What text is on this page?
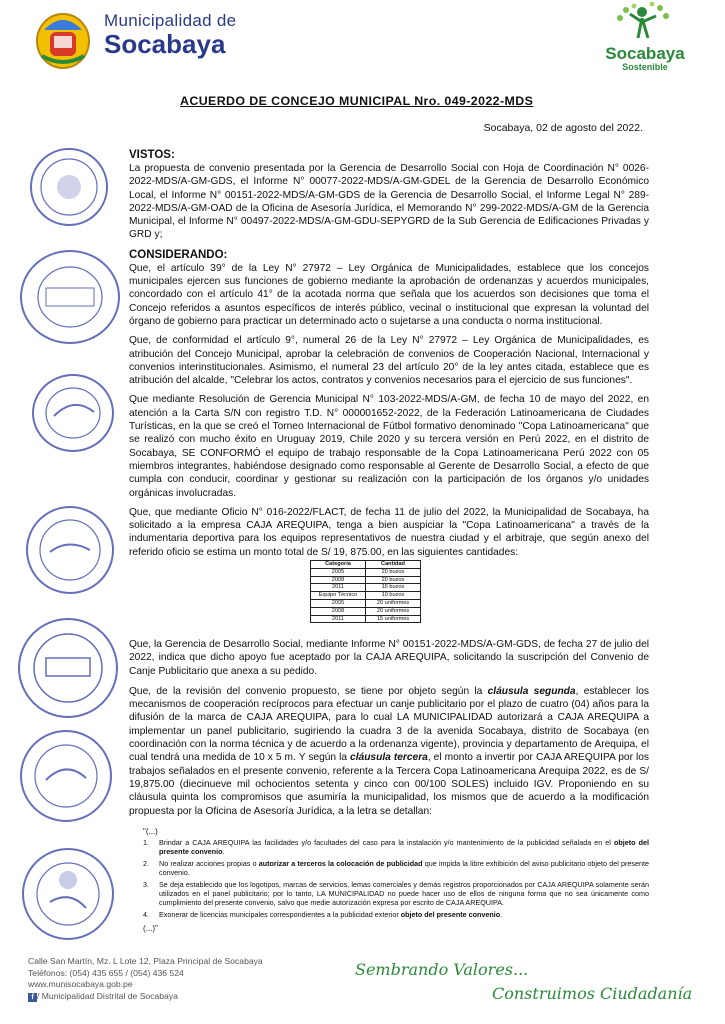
Municipalidad de
Socabaya	Socabaya
Sostenible
ACUERDO DE CONCEJO MUNICIPAL Nro. 049-2022-MDS
Socabaya, 02 de agosto del 2022.

VISTOS:

La propuesta de convenio presentada por la Gerencia de Desarrollo Social con Hoja de Coordinación N° 0026-2022-MDS/A-GM-GDS, el Informe N° 00077-2022-MDS/A-GM-GDEL de la Gerencia de Desarrollo Económico Local, el Informe N° 00151-2022-MDS/A-GM-GDS de la Gerencia de Desarrollo Social, el Informe Legal N° 289-2022-MDS/A-GM-OAD de la Oficina de Asesoría Jurídica, el Memorando N° 299-2022-MDS/A-GM de la Gerencia Municipal, el Informe N° 00497-2022-MDS/A-GM-GDU-SEPYGRD de la Sub Gerencia de Edificaciones Privadas y GRD y;

CONSIDERANDO:

Que, el artículo 39° de la Ley N° 27972 – Ley Orgánica de Municipalidades, establece que los concejos municipales ejercen sus funciones de gobierno mediante la aprobación de ordenanzas y acuerdos municipales, concordado con el artículo 41° de la acotada norma que señala que los acuerdos son decisiones que toma el Concejo referidos a asuntos específicos de interés público, vecinal o institucional que expresan la voluntad del órgano de gobierno para practicar un determinado acto o sujetarse a una conducta o norma institucional.

Que, de conformidad el artículo 9°, numeral 26 de la Ley N° 27972 – Ley Orgánica de Municipalidades, es atribución del Concejo Municipal, aprobar la celebración de convenios de Cooperación Nacional, Internacional y convenios interinstitucionales. Asimismo, el numeral 23 del artículo 20° de la ley antes citada, establece que es atribución del alcalde, "Celebrar los actos, contratos y convenios necesarios para el ejercicio de sus funciones".

Que mediante Resolución de Gerencia Municipal N° 103-2022-MDS/A-GM, de fecha 10 de mayo del 2022, en atención a la Carta S/N con registro T.D. N° 000001652-2022, de la Federación Latinoamericana de Ciudades Turísticas, en la que se creó el Torneo Internacional de Fútbol formativo denominado "Copa Latinoamericana" que se realizó con mucho éxito en Uruguay 2019, Chile 2020 y su tercera versión en Perú 2022, en el distrito de Socabaya, SE CONFORMÓ el equipo de trabajo responsable de la Copa Latinoamericana Perú 2022 con 05 miembros integrantes, habiéndose designado como responsable al Gerente de Desarrollo Social, a efecto de que cumpla con conducir, coordinar y gestionar su realización con la participación de los órganos y/o unidades orgánicas involucradas.

Que, que mediante Oficio N° 016-2022/FLACT, de fecha 11 de julio del 2022, la Municipalidad de Socabaya, ha solicitado a la empresa CAJA AREQUIPA, tenga a bien auspiciar la "Copa Latinoamericana" a través de la indumentaria deportiva para los equipos representativos de nuestra ciudad y el arbitraje, que según anexo del referido oficio se estima un monto total de S/ 19, 875.00, en las siguientes cantidades:

Categoría	Cantidad
2005	20 buzos
2008	20 buzos
2011	15 buzos
Equipo Técnico	10 buzos
2005	20 uniformes
2008	20 uniformes
2011	15 uniformes

Que, la Gerencia de Desarrollo Social, mediante Informe N° 00151-2022-MDS/A-GM-GDS, de fecha 27 de julio del 2022, indica que dicho apoyo fue aceptado por la CAJA AREQUIPA, solicitando la suscripción del Convenio de Canje Publicitario que anexa a su pedido.

Que, de la revisión del convenio propuesto, se tiene por objeto según la cláusula segunda, establecer los mecanismos de cooperación recíprocos para efectuar un canje publicitario por el plazo de cuatro (04) años para la difusión de la marca de CAJA AREQUIPA, para lo cual LA MUNICIPALIDAD autorizará a CAJA AREQUIPA a implementar un panel publicitario, sugiriendo la cuadra 3 de la avenida Socabaya, distrito de Socabaya (en coordinación con la norma técnica y de acuerdo a la ordenanza vigente), provincia y departamento de Arequipa, el cual tendrá una medida de 10 x 5 m. Y según la cláusula tercera, el monto a invertir por CAJA AREQUIPA por los trabajos señalados en el presente convenio, referente a la Tercera Copa Latinoamericana Arequipa 2022, es de S/ 19,875.00 (diecinueve mil ochocientos setenta y cinco con 00/100 SOLES) incluido IGV. Proponiendo en su cláusula quinta los compromisos que asumiría la municipalidad, los mismos que de acuerdo a la modificación propuesta por la Oficina de Asesoría Jurídica, a la letra se detallan:

"(...)
1. Brindar a CAJA AREQUIPA las facilidades y/o facultades del caso para la instalación y/o mantenimiento de la publicidad señalada en el objeto del presente convenio.
2. No realizar acciones propias o autorizar a terceros la colocación de publicidad que impida la libre exhibición del aviso publicitario objeto del presente convenio.
3. Se deja establecido que los logotipos, marcas de servicios, lemas comerciales y demás registros proporcionados por CAJA AREQUIPA solamente serán utilizados en el panel publicitario; por lo tanto, LA MUNICIPALIDAD no puede hacer uso de ellos de ninguna forma que no sea únicamente como cumplimiento del presente convenio, salvo que medie autorización expresa por escrito de CAJA AREQUIPA.
4. Exonerar de licencias municipales correspondientes a la publicidad exterior objeto del presente convenio.
(...)"
Calle San Martín, Mz. L Lote 12, Plaza Principal de Socabaya
Teléfonos: (054) 435 655 / (054) 436 524
www.munisocabaya.gob.pe
f / Municipalidad Distrital de Socabaya
Sembrando Valores...
Construimos Ciudadanía
